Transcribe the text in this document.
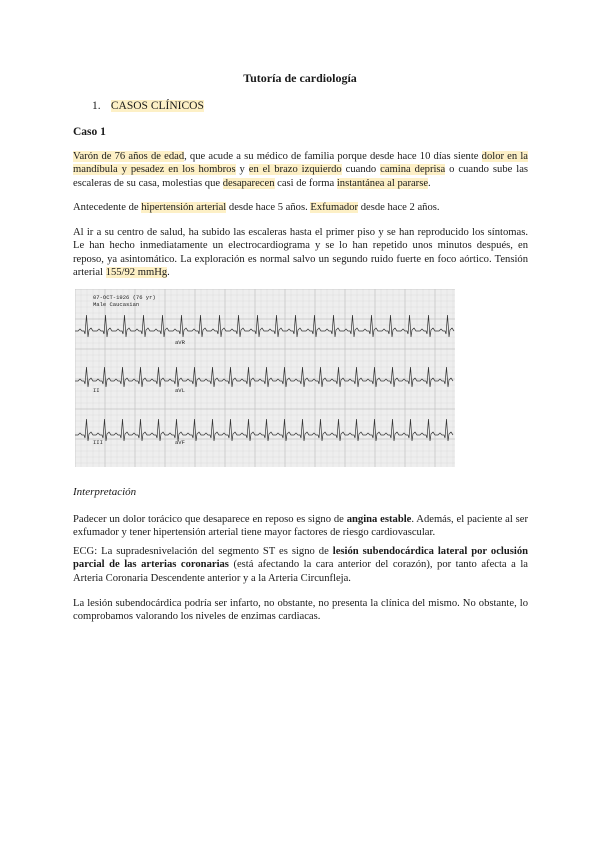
Tutoría de cardiología
1. CASOS CLÍNICOS
Caso 1
Varón de 76 años de edad, que acude a su médico de familia porque desde hace 10 días siente dolor en la mandíbula y pesadez en los hombros y en el brazo izquierdo cuando camina deprisa o cuando sube las escaleras de su casa, molestias que desaparecen casi de forma instantánea al pararse.
Antecedente de hipertensión arterial desde hace 5 años. Exfumador desde hace 2 años.
Al ir a su centro de salud, ha subido las escaleras hasta el primer piso y se han reproducido los síntomas. Le han hecho inmediatamente un electrocardiograma y se lo han repetido unos minutos después, en reposo, ya asintomático. La exploración es normal salvo un segundo ruido fuerte en foco aórtico. Tensión arterial 155/92 mmHg.
07-OCT-1926 (76 yr)
Male Caucasian
aVR
aVL
II
III	aVF
Interpretación
Padecer un dolor torácico que desaparece en reposo es signo de angina estable. Además, el paciente al ser exfumador y tener hipertensión arterial tiene mayor factores de riesgo cardiovascular.
ECG: La supradesnivelación del segmento ST es signo de lesión subendocárdica lateral por oclusión parcial de las arterias coronarias (está afectando la cara anterior del corazón), por tanto afecta a la Arteria Coronaria Descendente anterior y a la Arteria Circunfleja.
La lesión subendocárdica podría ser infarto, no obstante, no presenta la clínica del mismo. No obstante, lo comprobamos valorando los niveles de enzimas cardiacas.
